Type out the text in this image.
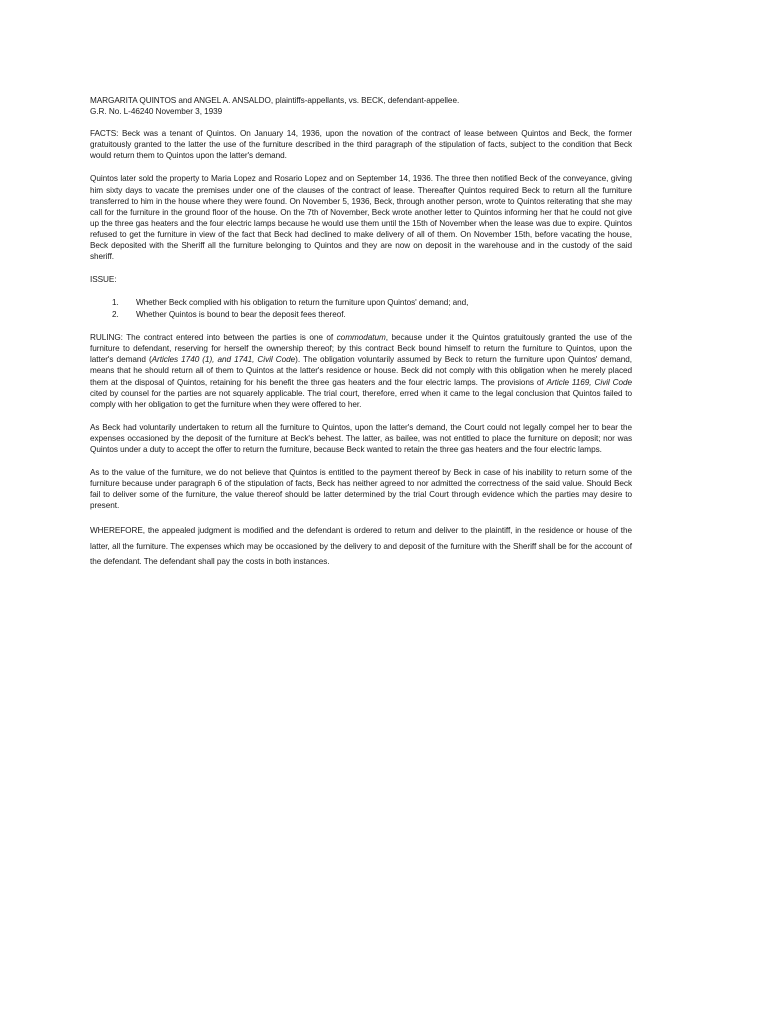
MARGARITA QUINTOS and ANGEL A. ANSALDO, plaintiffs-appellants, vs. BECK, defendant-appellee.

G.R. No. L-46240 November 3, 1939

FACTS: Beck was a tenant of Quintos. On January 14, 1936, upon the novation of the contract of lease between Quintos and Beck, the former gratuitously granted to the latter the use of the furniture described in the third paragraph of the stipulation of facts, subject to the condition that Beck would return them to Quintos upon the latter's demand.

Quintos later sold the property to Maria Lopez and Rosario Lopez and on September 14, 1936. The three then notified Beck of the conveyance, giving him sixty days to vacate the premises under one of the clauses of the contract of lease. Thereafter Quintos required Beck to return all the furniture transferred to him in the house where they were found. On November 5, 1936, Beck, through another person, wrote to Quintos reiterating that she may call for the furniture in the ground floor of the house. On the 7th of November, Beck wrote another letter to Quintos informing her that he could not give up the three gas heaters and the four electric lamps because he would use them until the 15th of November when the lease was due to expire. Quintos refused to get the furniture in view of the fact that Beck had declined to make delivery of all of them. On November 15th, before vacating the house, Beck deposited with the Sheriff all the furniture belonging to Quintos and they are now on deposit in the warehouse and in the custody of the said sheriff.

ISSUE:

1.	Whether Beck complied with his obligation to return the furniture upon Quintos' demand; and,
2.	Whether Quintos is bound to bear the deposit fees thereof.

RULING: The contract entered into between the parties is one of commodatum, because under it the Quintos gratuitously granted the use of the furniture to defendant, reserving for herself the ownership thereof; by this contract Beck bound himself to return the furniture to Quintos, upon the latter's demand (Articles 1740 (1), and 1741, Civil Code). The obligation voluntarily assumed by Beck to return the furniture upon Quintos' demand, means that he should return all of them to Quintos at the latter's residence or house. Beck did not comply with this obligation when he merely placed them at the disposal of Quintos, retaining for his benefit the three gas heaters and the four electric lamps. The provisions of Article 1169, Civil Code cited by counsel for the parties are not squarely applicable. The trial court, therefore, erred when it came to the legal conclusion that Quintos failed to comply with her obligation to get the furniture when they were offered to her.

As Beck had voluntarily undertaken to return all the furniture to Quintos, upon the latter's demand, the Court could not legally compel her to bear the expenses occasioned by the deposit of the furniture at Beck's behest. The latter, as bailee, was not entitled to place the furniture on deposit; nor was Quintos under a duty to accept the offer to return the furniture, because Beck wanted to retain the three gas heaters and the four electric lamps.

As to the value of the furniture, we do not believe that Quintos is entitled to the payment thereof by Beck in case of his inability to return some of the furniture because under paragraph 6 of the stipulation of facts, Beck has neither agreed to nor admitted the correctness of the said value. Should Beck fail to deliver some of the furniture, the value thereof should be latter determined by the trial Court through evidence which the parties may desire to present.

WHEREFORE, the appealed judgment is modified and the defendant is ordered to return and deliver to the plaintiff, in the residence or house of the latter, all the furniture. The expenses which may be occasioned by the delivery to and deposit of the furniture with the Sheriff shall be for the account of the defendant. The defendant shall pay the costs in both instances.
